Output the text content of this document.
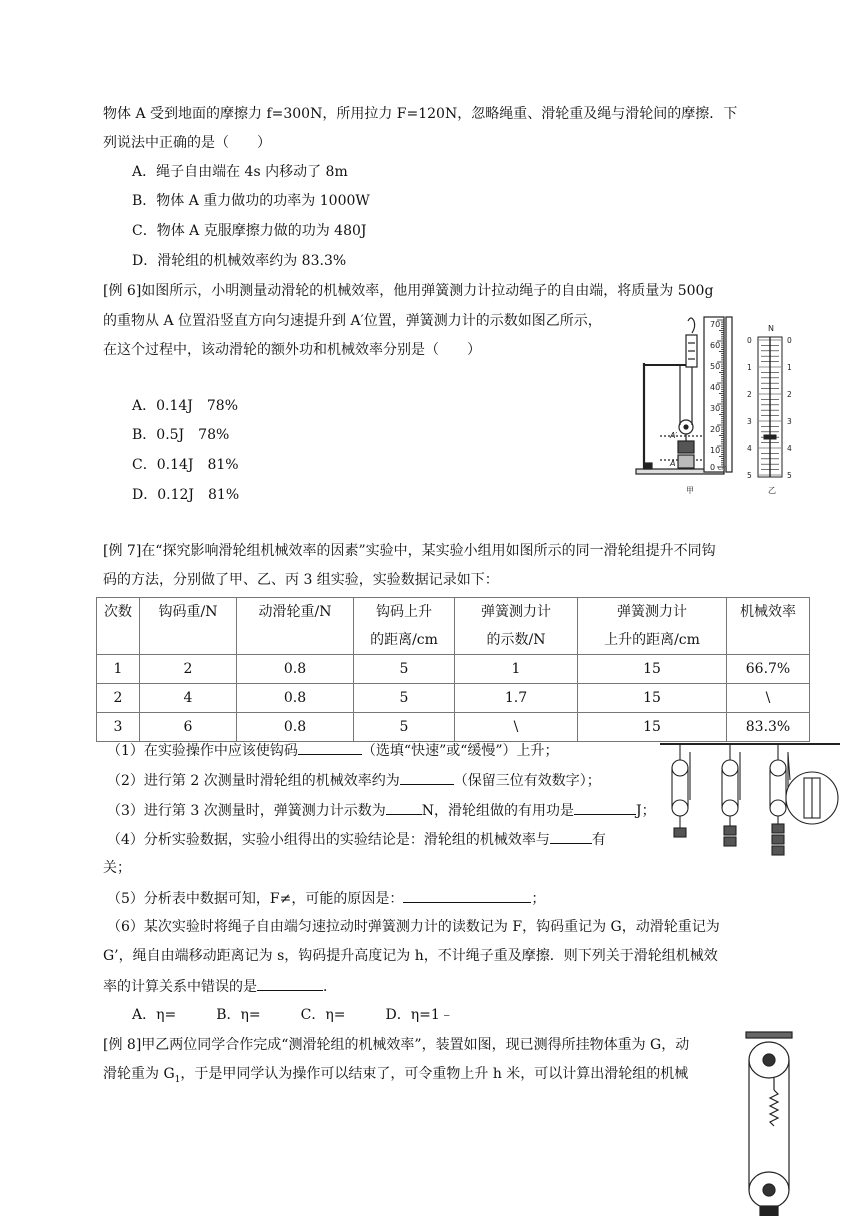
物体 A 受到地面的摩擦力 f=300N，所用拉力 F=120N，忽略绳重、滑轮重及绳与滑轮间的摩擦．下
列说法中正确的是（　　）
A．绳子自由端在 4s 内移动了 8m
B．物体 A 重力做功的功率为 1000W
C．物体 A 克服摩擦力做的功为 480J
D．滑轮组的机械效率约为 83.3%
[例 6]如图所示，小明测量动滑轮的机械效率，他用弹簧测力计拉动绳子的自由端，将质量为 500g
的重物从 A 位置沿竖直方向匀速提升到 A′位置，弹簧测力计的示数如图乙所示，
在这个过程中，该动滑轮的额外功和机械效率分别是（　　）
A．0.14J　78%
B．0.5J　78%
C．0.14J　81%
D．0.12J　81%
70
60
50
40
30
20
10
0 cm
A′
A
甲	乙
N
0
1
2
3
4
5
0
1
2
3
4
5
[例 7]在“探究影响滑轮组机械效率的因素”实验中，某实验小组用如图所示的同一滑轮组提升不同钩
码的方法，分别做了甲、乙、丙 3 组实验，实验数据记录如下：
次数	钩码重/N	动滑轮重/N	钩码上升
的距离/cm	弹簧测力计
的示数/N	弹簧测力计
上升的距离/cm	机械效率
1	2	0.8	5	1	15	66.7%
2	4	0.8	5	1.7	15	\
3	6	0.8	5	\	15	83.3%
（1）在实验操作中应该使钩码	（选填“快速”或“缓慢”）上升；
（2）进行第 2 次测量时滑轮组的机械效率约为	（保留三位有效数字）；
（3）进行第 3 次测量时，弹簧测力计示数为	N，滑轮组做的有用功是	J；
（4）分析实验数据，实验小组得出的实验结论是：滑轮组的机械效率与	有
关；
（5）分析表中数据可知，F≠，可能的原因是：	；
（6）某次实验时将绳子自由端匀速拉动时弹簧测力计的读数记为 F，钩码重记为 G，动滑轮重记为
G’，绳自由端移动距离记为 s，钩码提升高度记为 h，不计绳子重及摩擦．则下列关于滑轮组机械效
率的计算关系中错误的是	．
A．η=	B．η=	C．η=	D．η=1﹣
[例 8]甲乙两位同学合作完成“测滑轮组的机械效率”，装置如图，现已测得所挂物体重为 G，动
滑轮重为 $G_1$，于是甲同学认为操作可以结束了，可令重物上升 h 米，可以计算出滑轮组的机械
